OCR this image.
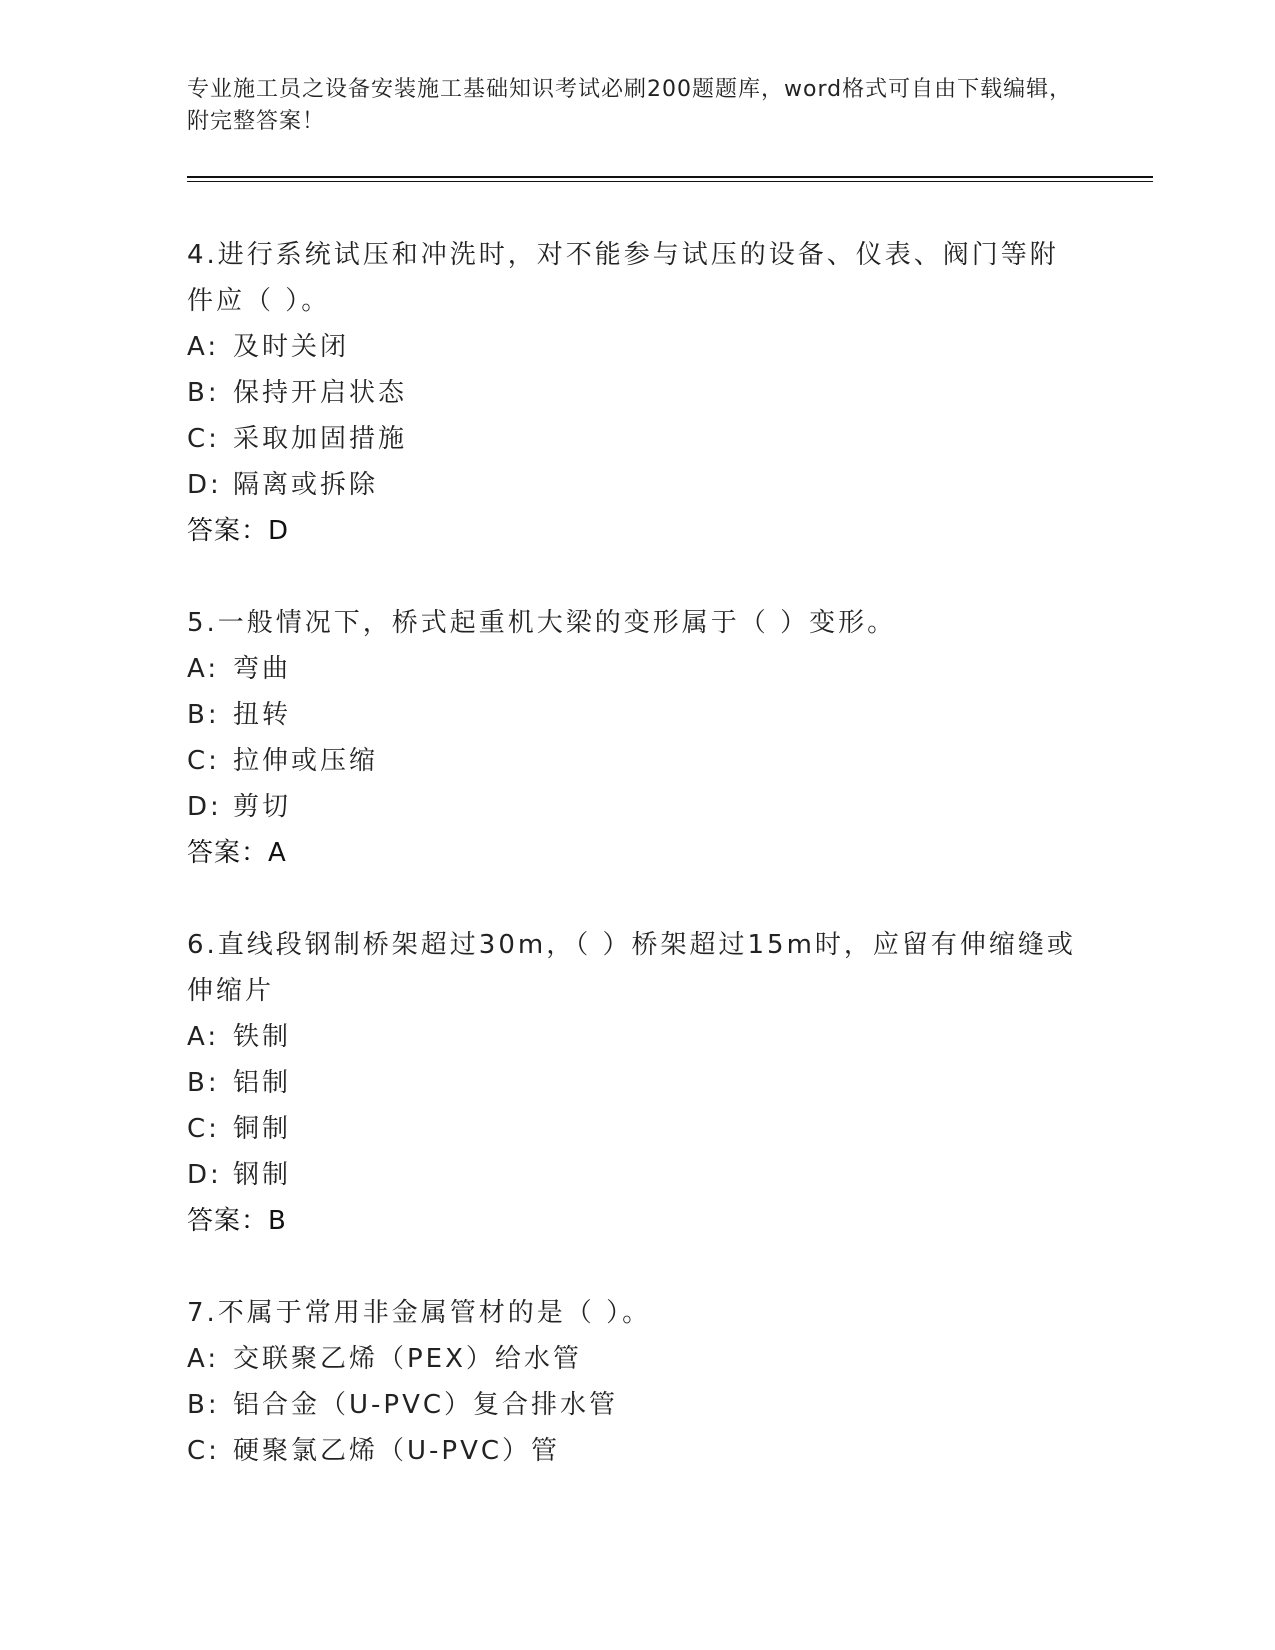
专业施工员之设备安装施工基础知识考试必刷200题题库，word格式可自由下载编辑，附完整答案！

4.进行系统试压和冲洗时，对不能参与试压的设备、仪表、阀门等附件应（ ）。

A: 及时关闭

B: 保持开启状态

C: 采取加固措施

D: 隔离或拆除

答案：D

5.一般情况下，桥式起重机大梁的变形属于（ ）变形。

A: 弯曲

B: 扭转

C: 拉伸或压缩

D: 剪切

答案：A

6.直线段钢制桥架超过30m，（ ）桥架超过15m时，应留有伸缩缝或伸缩片

A: 铁制

B: 铝制

C: 铜制

D: 钢制

答案：B

7.不属于常用非金属管材的是（ ）。

A: 交联聚乙烯（PEX）给水管

B: 铝合金（U-PVC）复合排水管

C: 硬聚氯乙烯（U-PVC）管
